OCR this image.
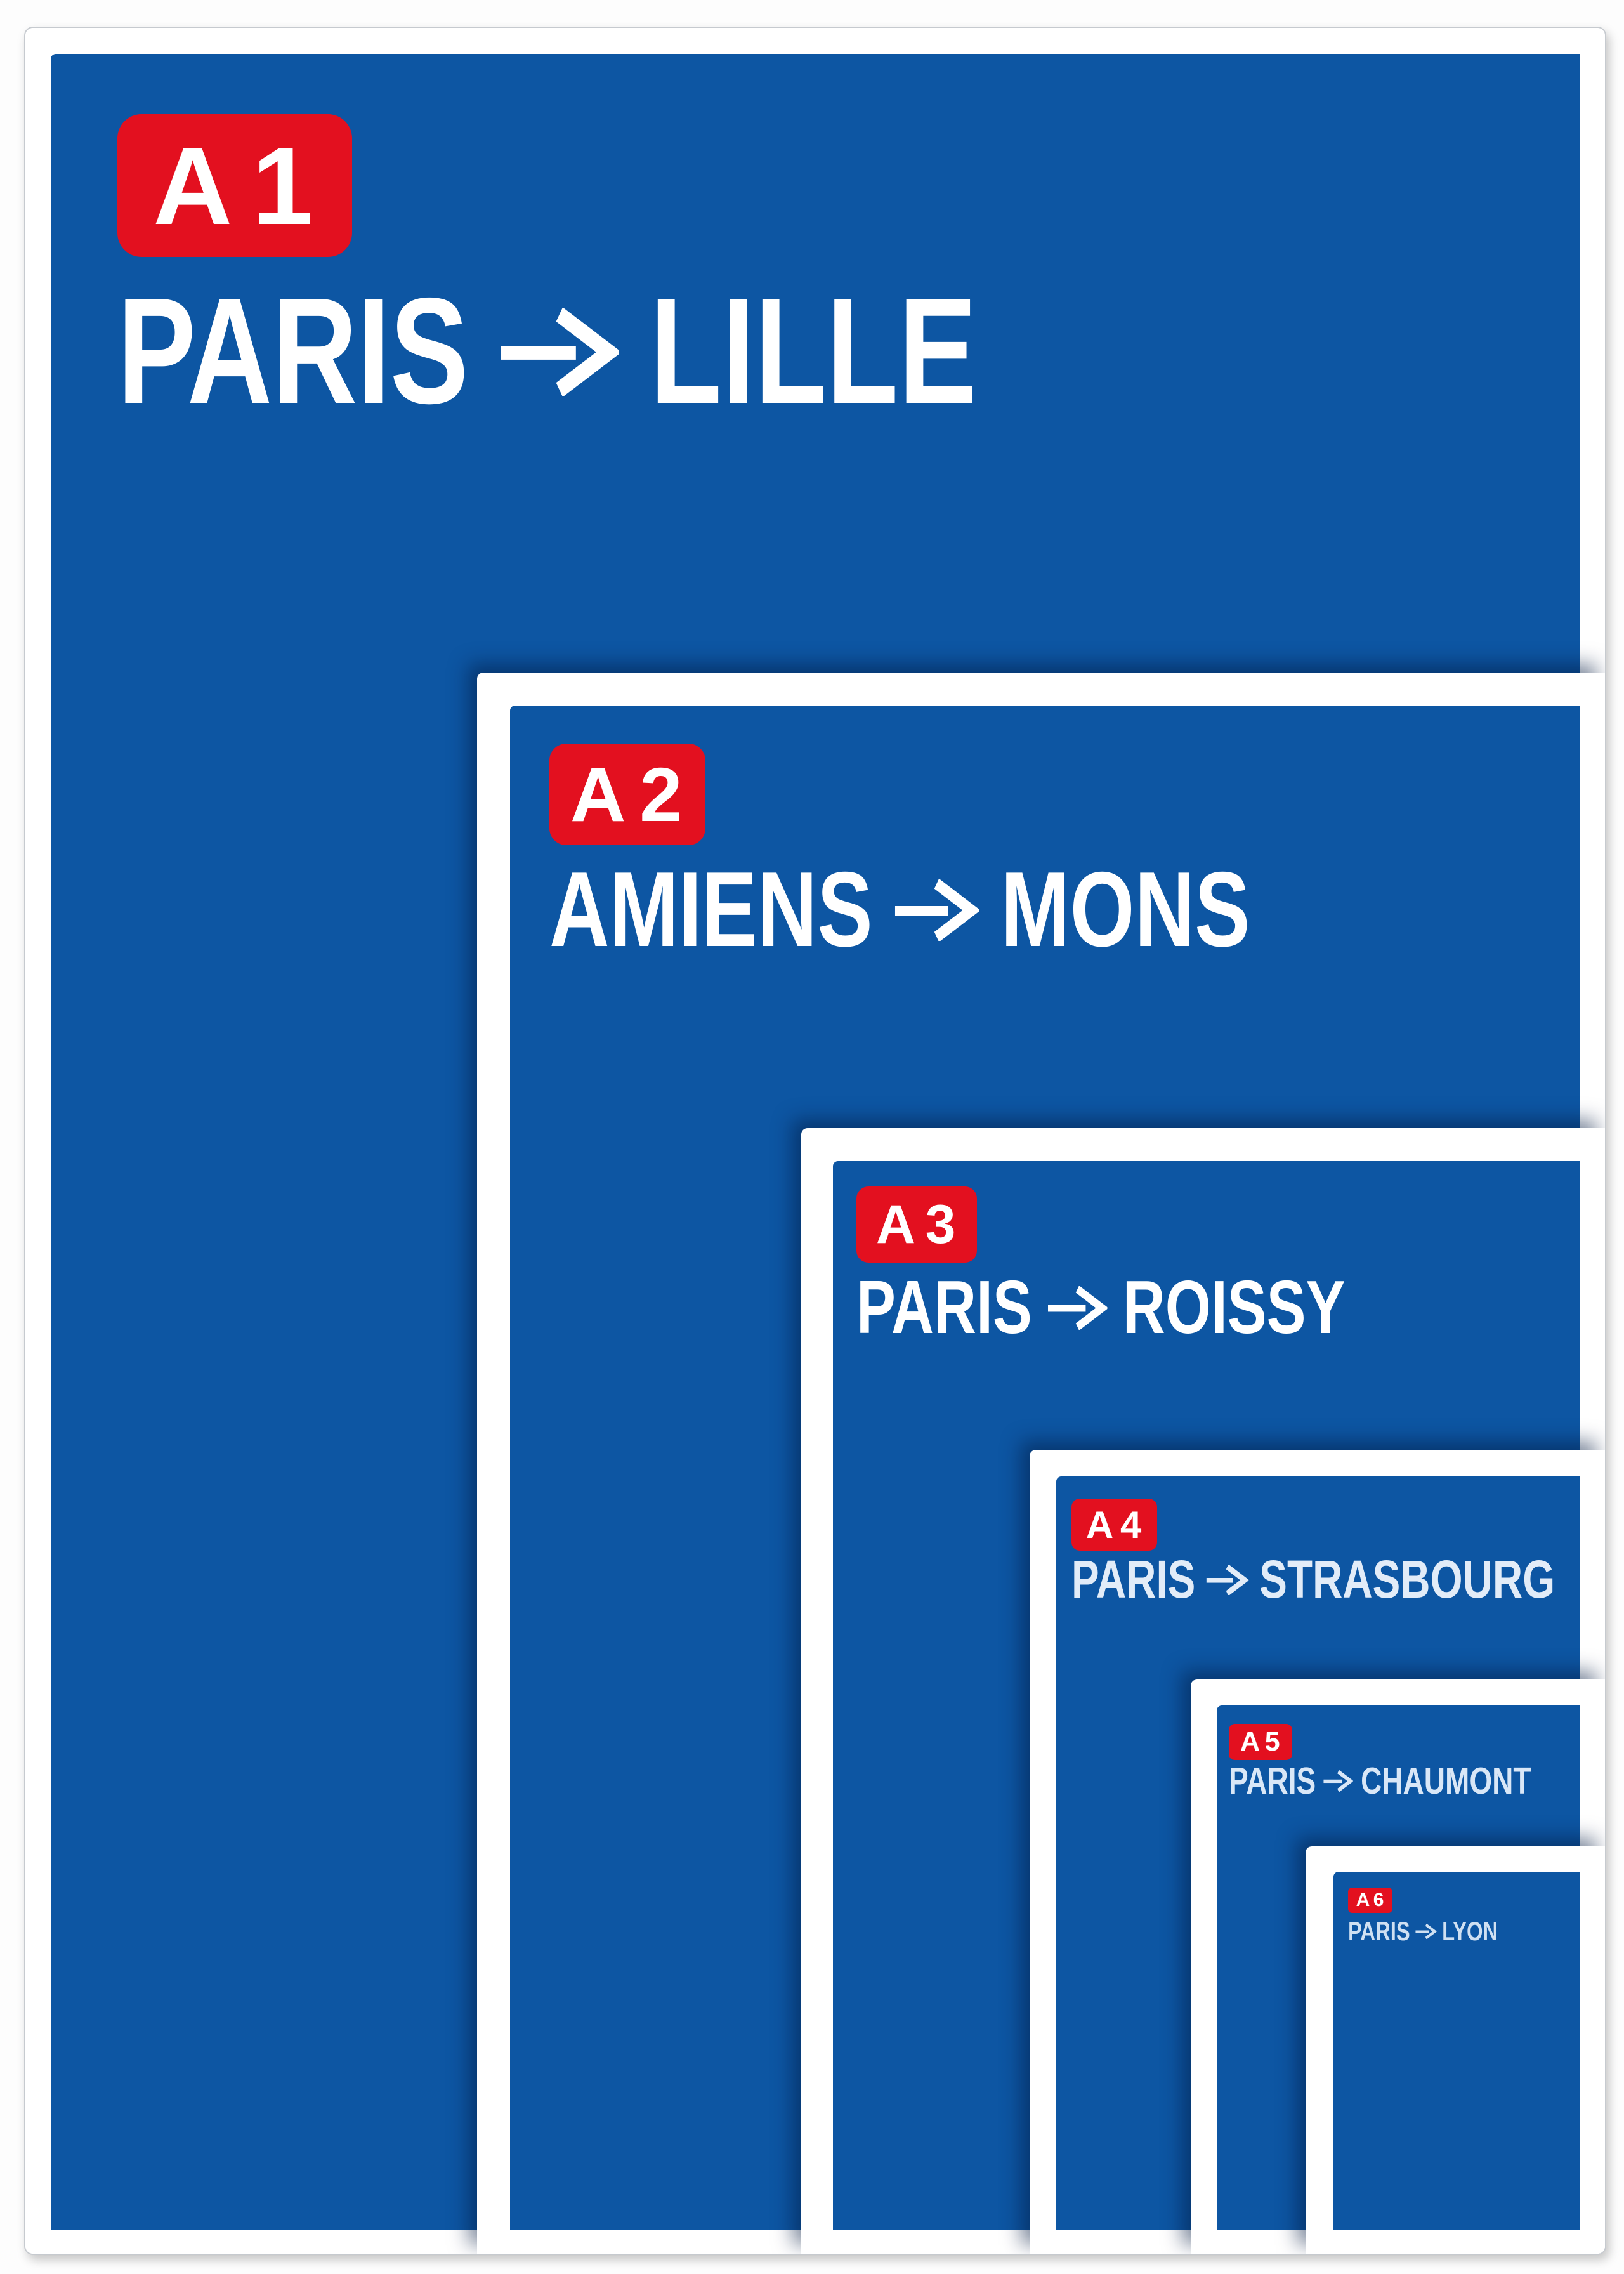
A1
PARIS LILLE
A2
AMIENS MONS
A3
PARIS ROISSY
A4
PARIS STRASBOURG
A5
PARIS CHAUMONT
A6
PARIS LYON
